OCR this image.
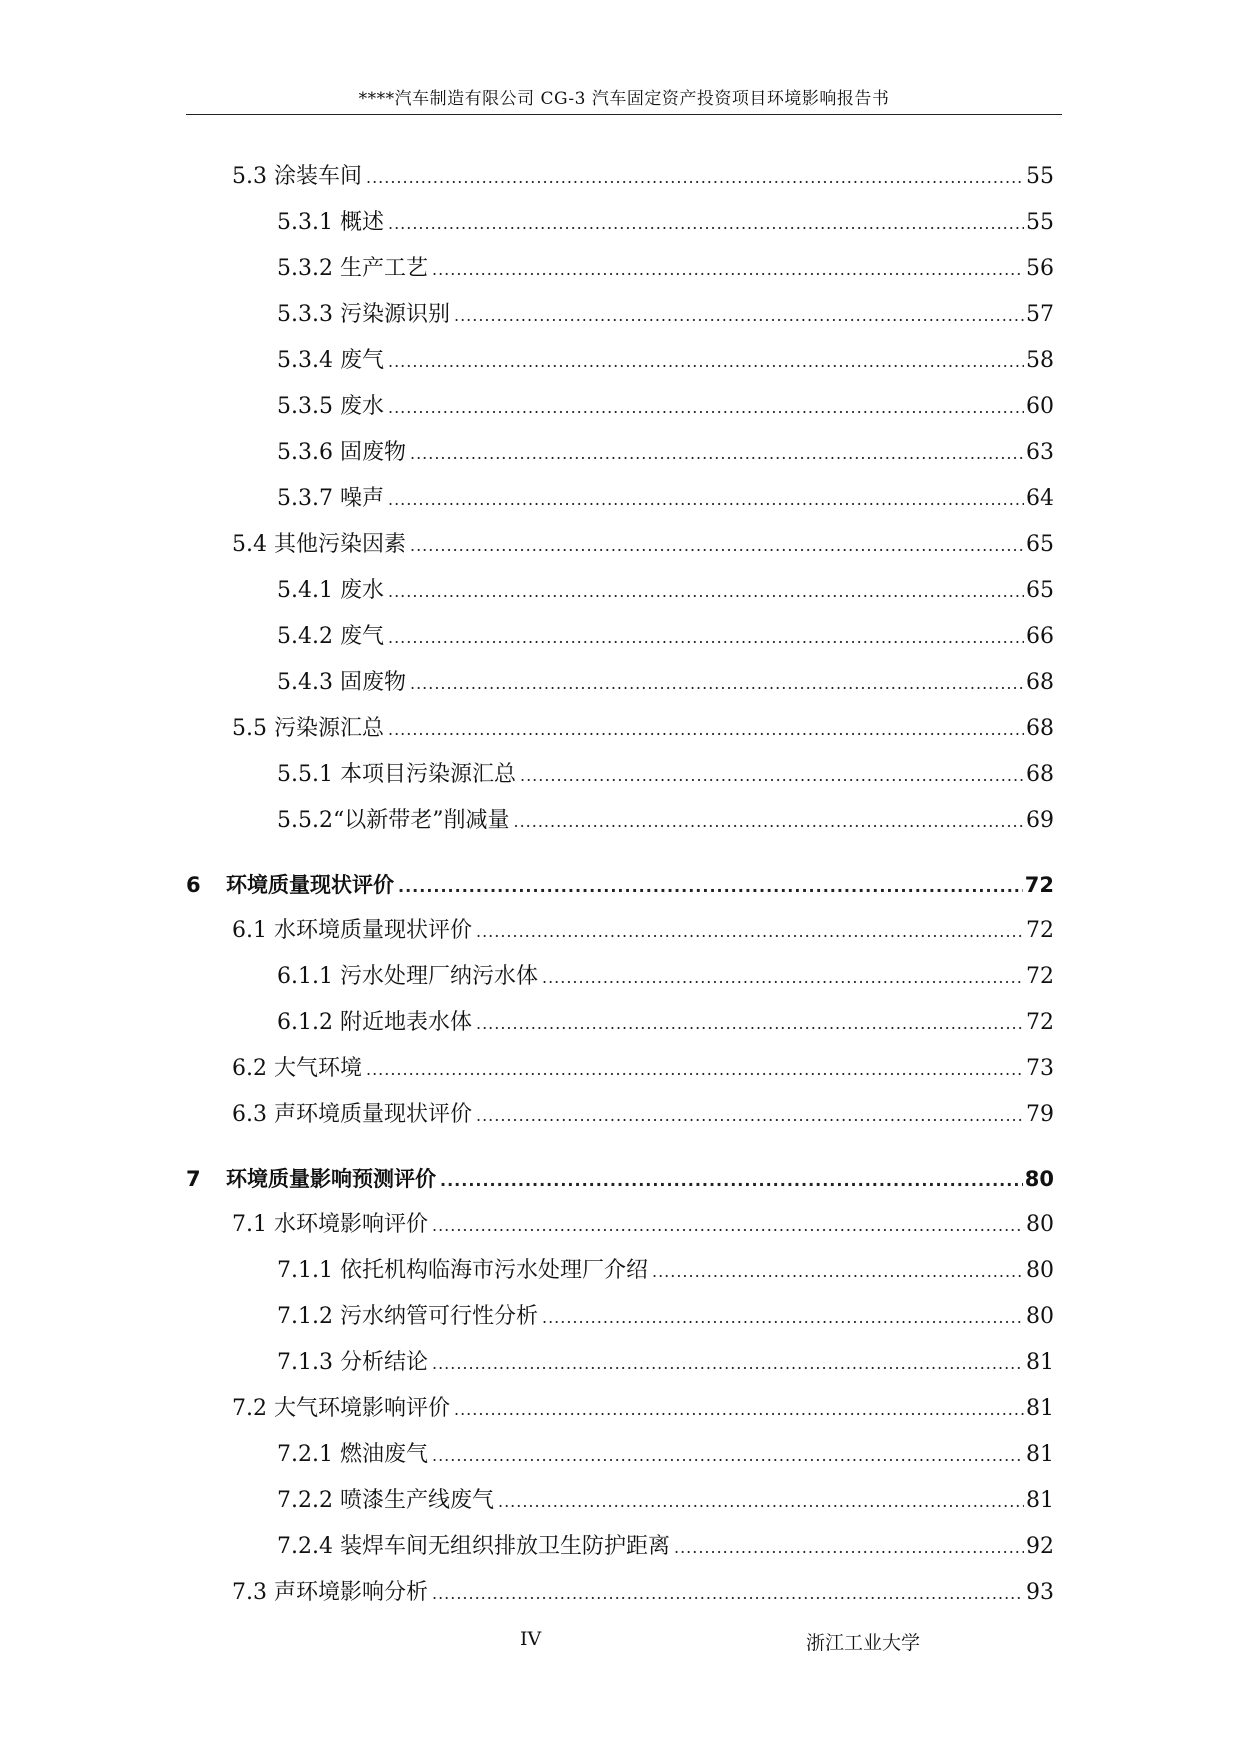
****汽车制造有限公司 CG-3 汽车固定资产投资项目环境影响报告书
5.3 涂装车间 .....	55
5.3.1 概述 .....	55
5.3.2 生产工艺 .....	56
5.3.3 污染源识别 .....	57
5.3.4 废气 .....	58
5.3.5 废水 .....	60
5.3.6 固废物 .....	63
5.3.7 噪声 .....	64
5.4 其他污染因素 .....	65
5.4.1 废水 .....	65
5.4.2 废气 .....	66
5.4.3 固废物 .....	68
5.5 污染源汇总 .....	68
5.5.1 本项目污染源汇总 .....	68
5.5.2“以新带老”削减量 .....	69
6	环境质量现状评价 .....	72
6.1 水环境质量现状评价 .....	72
6.1.1 污水处理厂纳污水体 .....	72
6.1.2 附近地表水体 .....	72
6.2 大气环境 .....	73
6.3 声环境质量现状评价 .....	79
7	环境质量影响预测评价 .....	80
7.1 水环境影响评价 .....	80
7.1.1 依托机构临海市污水处理厂介绍 .....	80
7.1.2 污水纳管可行性分析 .....	80
7.1.3 分析结论 .....	81
7.2 大气环境影响评价 .....	81
7.2.1 燃油废气 .....	81
7.2.2 喷漆生产线废气 .....	81
7.2.4 装焊车间无组织排放卫生防护距离 .....	92
7.3 声环境影响分析 .....	93
IV	浙江工业大学
